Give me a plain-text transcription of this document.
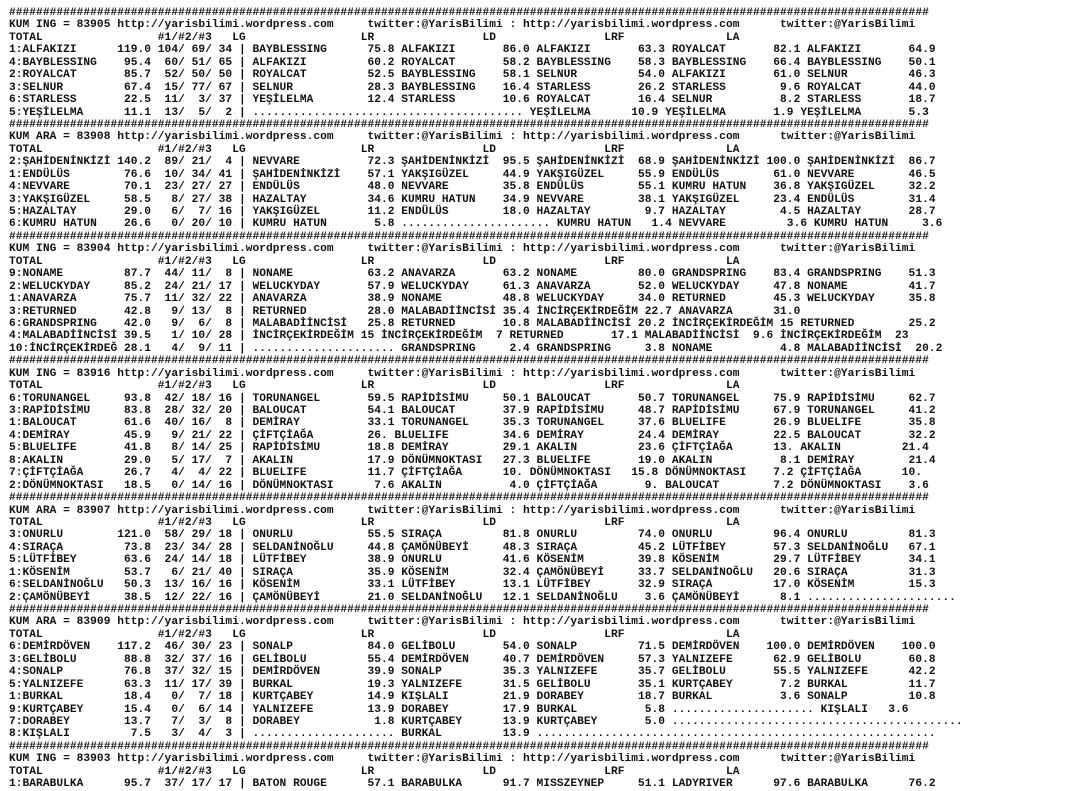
########################################################################################################################################
KUM ING = 83905 http://yarisbilimi.wordpress.com     twitter:@YarisBilimi : http://yarisbilimi.wordpress.com      twitter:@YarisBilimi
TOTAL                 #1/#2/#3   LG                 LR                LD                LRF               LA
1:ALFAKIZI      119.0 104/ 69/ 34 | BAYBLESSING      75.8 ALFAKIZI       86.0 ALFAKIZI       63.3 ROYALCAT       82.1 ALFAKIZI       64.9
4:BAYBLESSING    95.4  60/ 51/ 65 | ALFAKIZI         60.2 ROYALCAT       58.2 BAYBLESSING    58.3 BAYBLESSING    66.4 BAYBLESSING    50.1
2:ROYALCAT       85.7  52/ 50/ 50 | ROYALCAT         52.5 BAYBLESSING    58.1 SELNUR         54.0 ALFAKIZI       61.0 SELNUR         46.3
3:SELNUR         67.4  15/ 77/ 67 | SELNUR           28.3 BAYBLESSING    16.4 STARLESS       26.2 STARLESS        9.6 ROYALCAT       44.0
6:STARLESS       22.5  11/  3/ 37 | YEŞİLELMA        12.4 STARLESS       10.6 ROYALCAT       16.4 SELNUR          8.2 STARLESS       18.7
5:YEŞİLELMA      11.1  13/  5/  2 | ........................................ YEŞİLELMA      10.9 YEŞİLELMA       1.9 YEŞİLELMA       5.3
########################################################################################################################################
KUM ARA = 83908 http://yarisbilimi.wordpress.com     twitter:@YarisBilimi : http://yarisbilimi.wordpress.com      twitter:@YarisBilimi
TOTAL                 #1/#2/#3   LG                 LR                LD                LRF               LA
2:ŞAHİDENİNKİZİ 140.2  89/ 21/  4 | NEVVARE          72.3 ŞAHİDENİNKİZİ  95.5 ŞAHİDENİNKİZİ  68.9 ŞAHİDENİNKİZİ 100.0 ŞAHİDENİNKİZİ  86.7
1:ENDÜLÜS        76.6  10/ 34/ 41 | ŞAHİDENİNKİZİ    57.1 YAKŞIGÜZEL     44.9 YAKŞIGÜZEL     55.9 ENDÜLÜS        61.0 NEVVARE        46.5
4:NEVVARE        70.1  23/ 27/ 27 | ENDÜLÜS          48.0 NEVVARE        35.8 ENDÜLÜS        55.1 KUMRU HATUN    36.8 YAKŞIGÜZEL     32.2
3:YAKŞIGÜZEL     58.5   8/ 27/ 38 | HAZALTAY         34.6 KUMRU HATUN    34.9 NEVVARE        38.1 YAKŞIGÜZEL     23.4 ENDÜLÜS        31.4
5:HAZALTAY       29.0   6/  7/ 16 | YAKŞIGÜZEL       11.2 ENDÜLÜS        18.0 HAZALTAY        9.7 HAZALTAY        4.5 HAZALTAY       28.7
6:KUMRU HATUN    26.6   0/ 20/ 10 | KUMRU HATUN       5.8 ...................... KUMRU HATUN   1.4 NEVVARE         3.6 KUMRU HATUN     3.6
########################################################################################################################################
KUM ING = 83904 http://yarisbilimi.wordpress.com     twitter:@YarisBilimi : http://yarisbilimi.wordpress.com      twitter:@YarisBilimi
TOTAL                 #1/#2/#3   LG                 LR                LD                LRF               LA
9:NONAME         87.7  44/ 11/  8 | NONAME           63.2 ANAVARZA       63.2 NONAME         80.0 GRANDSPRING    83.4 GRANDSPRING    51.3
2:WELUCKYDAY     85.2  24/ 21/ 17 | WELUCKYDAY       57.9 WELUCKYDAY     61.3 ANAVARZA       52.0 WELUCKYDAY     47.8 NONAME         41.7
1:ANAVARZA       75.7  11/ 32/ 22 | ANAVARZA         38.9 NONAME         48.8 WELUCKYDAY     34.0 RETURNED       45.3 WELUCKYDAY     35.8
3:RETURNED       42.8   9/ 13/  8 | RETURNED         28.0 MALABADİİNCİSİ 35.4 İNCİRÇEKİRDEĞİM 22.7 ANAVARZA      31.0
6:GRANDSPRING    42.0   9/  6/  8 | MALABADİİNCİSİ   25.8 RETURNED       10.8 MALABADİİNCİSİ 20.2 İNCİRÇEKİRDEĞİM 15 RETURNED        25.2
4:MALABADİİNCİSİ 39.5   1/ 10/ 28 | İNCİRÇEKİRDEĞİM 15 İNCİRÇEKİRDEĞİM  7 RETURNED       17.1 MALABADİİNCİSİ  9.6 İNCİRÇEKİRDEĞİM  23
10:İNCİRÇEKİRDEĞ 28.1   4/  9/ 11 | ..................... GRANDSPRING     2.4 GRANDSPRING     3.8 NONAME          4.8 MALABADİİNCİSİ  20.2
########################################################################################################################################
KUM ING = 83916 http://yarisbilimi.wordpress.com     twitter:@YarisBilimi : http://yarisbilimi.wordpress.com      twitter:@YarisBilimi
TOTAL                 #1/#2/#3   LG                 LR                LD                LRF               LA
6:TORUNANGEL     93.8  42/ 18/ 16 | TORUNANGEL       59.5 RAPİDİSİMU     50.1 BALOUCAT       50.7 TORUNANGEL     75.9 RAPİDİSİMU     62.7
3:RAPİDİSİMU     83.8  28/ 32/ 20 | BALOUCAT         54.1 BALOUCAT       37.9 RAPİDİSİMU     48.7 RAPİDİSİMU     67.9 TORUNANGEL     41.2
1:BALOUCAT       61.6  40/ 16/  8 | DEMİRAY          33.1 TORUNANGEL     35.3 TORUNANGEL     37.6 BLUELIFE       26.9 BLUELIFE       35.8
4:DEMİRAY        45.9   9/ 21/ 22 | ÇİFTÇİAĞA        26. BLUELIFE        34.6 DEMİRAY        24.4 DEMİRAY        22.5 BALOUCAT       32.2
5:BLUELIFE       41.8   8/ 14/ 25 | RAPİDİSİMU       18.8 DEMİRAY        29.1 AKALIN         23.6 ÇİFTÇİAĞA      13. AKALIN         21.4
8:AKALIN         29.0   5/ 17/  7 | AKALIN           17.9 DÖNÜMNOKTASI   27.3 BLUELIFE       19.0 AKALIN          8.1 DEMİRAY        21.4
7:ÇİFTÇİAĞA      26.7   4/  4/ 22 | BLUELIFE         11.7 ÇİFTÇİAĞA      10. DÖNÜMNOKTASI   15.8 DÖNÜMNOKTASI    7.2 ÇİFTÇİAĞA      10.
2:DÖNÜMNOKTASI   18.5   0/ 14/ 16 | DÖNÜMNOKTASI      7.6 AKALIN          4.0 ÇİFTÇİAĞA       9. BALOUCAT        7.2 DÖNÜMNOKTASI    3.6
########################################################################################################################################
KUM ARA = 83907 http://yarisbilimi.wordpress.com     twitter:@YarisBilimi : http://yarisbilimi.wordpress.com      twitter:@YarisBilimi
TOTAL                 #1/#2/#3   LG                 LR                LD                LRF               LA
3:ONURLU        121.0  58/ 29/ 18 | ONURLU           55.5 SIRAÇA         81.8 ONURLU         74.0 ONURLU         96.4 ONURLU         81.3
4:SIRAÇA         73.8  23/ 34/ 28 | SELDANİNOĞLU     44.8 ÇAMÖNÜBEYİ     48.3 SIRAÇA         45.2 LÜTFİBEY       57.3 SELDANİNOĞLU   67.1
5:LÜTFİBEY       63.6  24/ 14/ 18 | LÜTFİBEY         38.9 ONURLU         41.6 KÖSENİM        39.8 KÖSENİM        29.7 LÜTFİBEY       34.1
1:KÖSENİM        53.7   6/ 21/ 40 | SIRAÇA           35.9 KÖSENİM        32.4 ÇAMÖNÜBEYİ     33.7 SELDANİNOĞLU   20.6 SIRAÇA         31.3
6:SELDANİNOĞLU   50.3  13/ 16/ 16 | KÖSENİM          33.1 LÜTFİBEY       13.1 LÜTFİBEY       32.9 SIRAÇA         17.0 KÖSENİM        15.3
2:ÇAMÖNÜBEYİ     38.5  12/ 22/ 16 | ÇAMÖNÜBEYİ       21.0 SELDANİNOĞLU   12.1 SELDANİNOĞLU    3.6 ÇAMÖNÜBEYİ      8.1 ......................
########################################################################################################################################
KUM ARA = 83909 http://yarisbilimi.wordpress.com     twitter:@YarisBilimi : http://yarisbilimi.wordpress.com      twitter:@YarisBilimi
TOTAL                 #1/#2/#3   LG                 LR                LD                LRF               LA
6:DEMİRDÖVEN    117.2  46/ 30/ 23 | SONALP           84.0 GELİBOLU       54.0 SONALP         71.5 DEMİRDÖVEN    100.0 DEMİRDÖVEN    100.0
3:GELİBOLU       88.8  32/ 37/ 16 | GELİBOLU         55.4 DEMİRDÖVEN     40.7 DEMİRDÖVEN     57.3 YALNIZEFE      62.9 GELİBOLU       60.8
4:SONALP         76.8  37/ 32/ 15 | DEMİRDÖVEN       39.9 SONALP         35.3 YALNIZEFE      35.7 GELİBOLU       55.5 YALNIZEFE      42.2
5:YALNIZEFE      63.3  11/ 17/ 39 | BURKAL           19.3 YALNIZEFE      31.5 GELİBOLU       35.1 KURTÇABEY       7.2 BURKAL         11.7
1:BURKAL         18.4   0/  7/ 18 | KURTÇABEY        14.9 KIŞLALI        21.9 DORABEY        18.7 BURKAL          3.6 SONALP         10.8
9:KURTÇABEY      15.4   0/  6/ 14 | YALNIZEFE        13.9 DORABEY        17.9 BURKAL          5.8 ..................... KIŞLALI   3.6
7:DORABEY        13.7   7/  3/  8 | DORABEY           1.8 KURTÇABEY      13.9 KURTÇABEY       5.0 ...........................................
8:KIŞLALI         7.5   3/  4/  3 | ..................... BURKAL         13.9 ...........................................................
########################################################################################################################################
KUM ING = 83903 http://yarisbilimi.wordpress.com     twitter:@YarisBilimi : http://yarisbilimi.wordpress.com      twitter:@YarisBilimi
TOTAL                 #1/#2/#3   LG                 LR                LD                LRF               LA
1:BARABULKA      95.7  37/ 17/ 17 | BATON ROUGE      57.1 BARABULKA      91.7 MISSZEYNEP     51.1 LADYRIVER      97.6 BARABULKA      76.2
